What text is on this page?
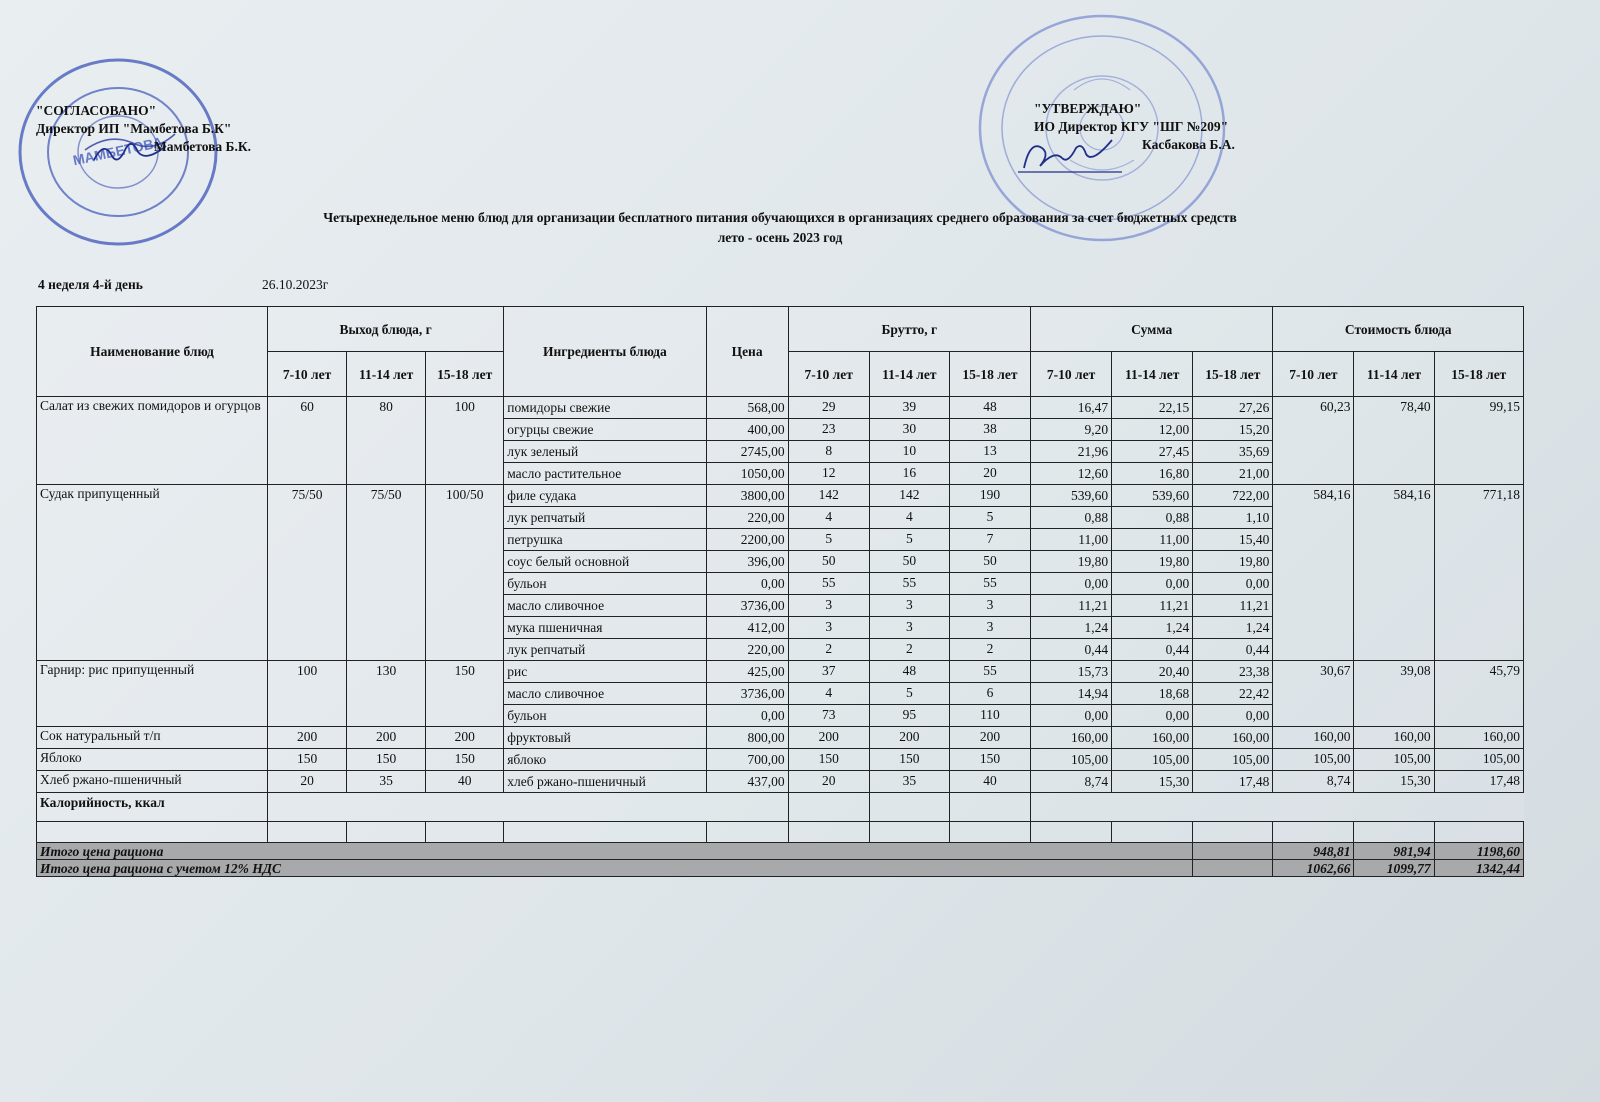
МАМБЕТОВА
"СОГЛАСОВАНО"
Директор ИП "Мамбетова Б.К"
Мамбетова Б.К.
"УТВЕРЖДАЮ"
ИО Директор КГУ "ШГ №209"
Касбакова Б.А.
Четырехнедельное меню блюд для организации бесплатного питания обучающихся в организациях среднего образования за счет бюджетных средств
лето - осень 2023 год
4 неделя 4-й день	26.10.2023г
Наименование блюд	Выход блюда, г			Ингредиенты блюда	Цена	Брутто, г			Сумма			Стоимость блюда		
	7-10 лет	11-14 лет	15-18 лет			7-10 лет	11-14 лет	15-18 лет	7-10 лет	11-14 лет	15-18 лет	7-10 лет	11-14 лет	15-18 лет
Салат из свежих помидоров и огурцов	60	80	100	помидоры свежие	568,00	29	39	48	16,47	22,15	27,26	60,23	78,40	99,15
				огурцы свежие	400,00	23	30	38	9,20	12,00	15,20			
				лук зеленый	2745,00	8	10	13	21,96	27,45	35,69			
				масло растительное	1050,00	12	16	20	12,60	16,80	21,00			
Судак припущенный	75/50	75/50	100/50	филе судака	3800,00	142	142	190	539,60	539,60	722,00	584,16	584,16	771,18
				лук репчатый	220,00	4	4	5	0,88	0,88	1,10			
				петрушка	2200,00	5	5	7	11,00	11,00	15,40			
				соус белый основной	396,00	50	50	50	19,80	19,80	19,80			
				бульон	0,00	55	55	55	0,00	0,00	0,00			
				масло сливочное	3736,00	3	3	3	11,21	11,21	11,21			
				мука пшеничная	412,00	3	3	3	1,24	1,24	1,24			
				лук репчатый	220,00	2	2	2	0,44	0,44	0,44			
Гарнир: рис припущенный	100	130	150	рис	425,00	37	48	55	15,73	20,40	23,38	30,67	39,08	45,79
				масло сливочное	3736,00	4	5	6	14,94	18,68	22,42			
				бульон	0,00	73	95	110	0,00	0,00	0,00			
Сок натуральный т/п	200	200	200	фруктовый	800,00	200	200	200	160,00	160,00	160,00	160,00	160,00	160,00
Яблоко	150	150	150	яблоко	700,00	150	150	150	105,00	105,00	105,00	105,00	105,00	105,00
Хлеб ржано-пшеничный	20	35	40	хлеб ржано-пшеничный	437,00	20	35	40	8,74	15,30	17,48	8,74	15,30	17,48
Калорийность, ккал														

Итого цена рациона												948,81	981,94	1198,60
Итого цена рациона с учетом 12% НДС												1062,66	1099,77	1342,44
